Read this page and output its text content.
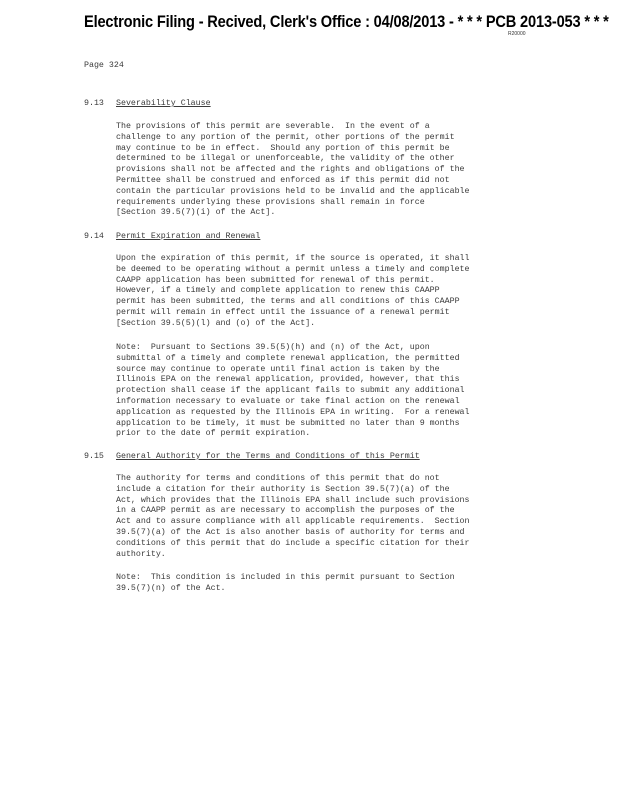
Electronic Filing - Recived, Clerk's Office : 04/08/2013 - * * * PCB 2013-053 * * *
R20000
Page 324
9.13 Severability Clause
The provisions of this permit are severable.  In the event of a
challenge to any portion of the permit, other portions of the permit
may continue to be in effect.  Should any portion of this permit be
determined to be illegal or unenforceable, the validity of the other
provisions shall not be affected and the rights and obligations of the
Permittee shall be construed and enforced as if this permit did not
contain the particular provisions held to be invalid and the applicable
requirements underlying these provisions shall remain in force
[Section 39.5(7)(i) of the Act].
9.14 Permit Expiration and Renewal
Upon the expiration of this permit, if the source is operated, it shall
be deemed to be operating without a permit unless a timely and complete
CAAPP application has been submitted for renewal of this permit.
However, if a timely and complete application to renew this CAAPP
permit has been submitted, the terms and all conditions of this CAAPP
permit will remain in effect until the issuance of a renewal permit
[Section 39.5(5)(l) and (o) of the Act].
Note:  Pursuant to Sections 39.5(5)(h) and (n) of the Act, upon
submittal of a timely and complete renewal application, the permitted
source may continue to operate until final action is taken by the
Illinois EPA on the renewal application, provided, however, that this
protection shall cease if the applicant fails to submit any additional
information necessary to evaluate or take final action on the renewal
application as requested by the Illinois EPA in writing.  For a renewal
application to be timely, it must be submitted no later than 9 months
prior to the date of permit expiration.
9.15 General Authority for the Terms and Conditions of this Permit
The authority for terms and conditions of this permit that do not
include a citation for their authority is Section 39.5(7)(a) of the
Act, which provides that the Illinois EPA shall include such provisions
in a CAAPP permit as are necessary to accomplish the purposes of the
Act and to assure compliance with all applicable requirements.  Section
39.5(7)(a) of the Act is also another basis of authority for terms and
conditions of this permit that do include a specific citation for their
authority.
Note:  This condition is included in this permit pursuant to Section
39.5(7)(n) of the Act.
